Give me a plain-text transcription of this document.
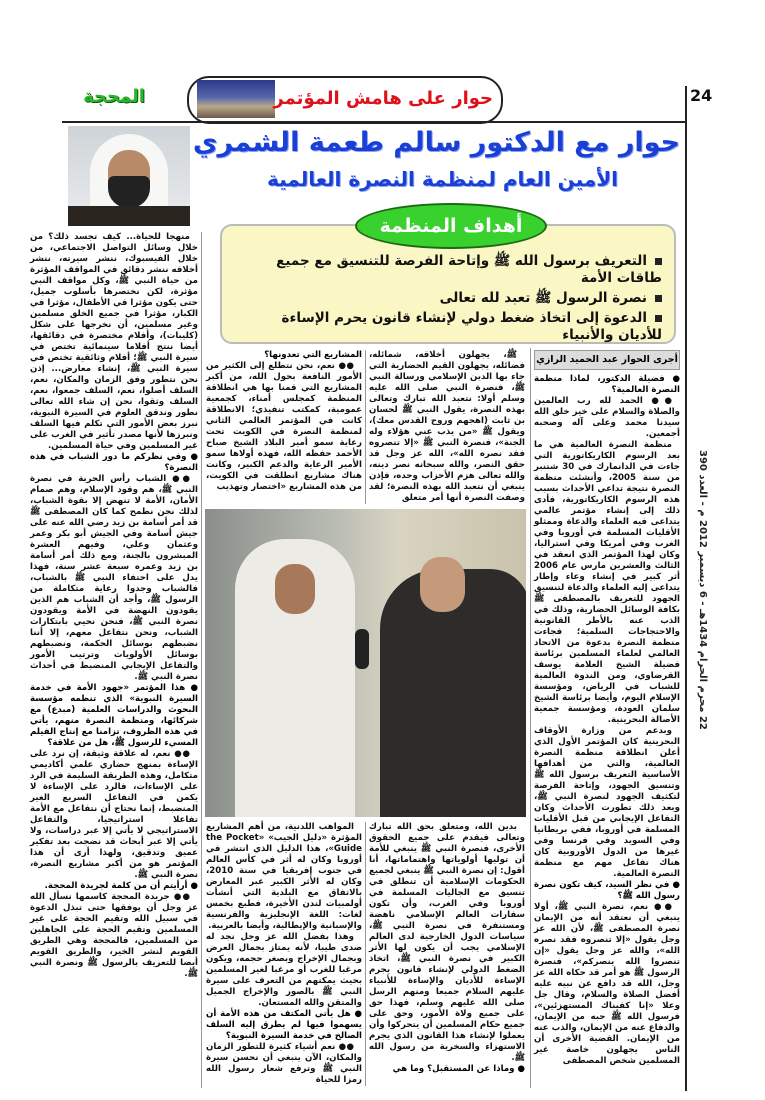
24
حوار على هامش المؤتمر
المحجة
22 محرم الحرام 1434هـ - 6 ديسمبر 2012 م - العدد 390
حوار مع الدكتور سالم طعمة الشمري
الأمين العام لمنظمة النصرة العالمية
التعريف برسول الله ﷺ وإتاحة الفرصة للتنسيق مع جميع طاقات الأمة
نصرة الرسول ﷺ تعبد لله تعالى
الدعوة إلى اتخاذ ضغط دولي لإنشاء قانون يحرم الإساءة للأديان والأنبياء
أهداف المنظمة
أجرى الحوار عبد الحميد الرازي

● فضيلة الدكتور، لماذا منظمة النصرة العالمية؟

●● الحمد لله رب العالمين والصلاة والسلام على خير خلق الله سيدنا محمد وعلى آله وصحبه أجمعين.

منظمة النصرة العالمية هي ما بعد الرسوم الكاريكاتورية التي جاءت في الدانمارك في 30 شتنبر من سنة 2005، وأنشئت منظمة النصرة نتيجة تداعي الأحداث بسبب هذه الرسوم الكاريكاتورية، فأدى ذلك إلى إنشاء مؤتمر عالمي يتداعى فيه العلماء والدعاة وممثلو الأقليات المسلمة في أوروبا وفي الغرب وفي أمريكا وفي استراليا، وكان لهذا المؤتمر الذي انعقد في الثالث والعشرين مارس عام 2006 أثر كبير في إنشاء وعاء وإطار يتداعى إليه العلماء والدعاة لتنسيق الجهود للتعريف بالمصطفى ﷺ بكافة الوسائل الحضارية، وذلك في الذب عنه بالأطر القانونية والاحتجاجات السلمية؛ فجاءت منظمة النصرة بدعوة من الاتحاد العالمي لعلماء المسلمين برئاسة فضيلة الشيخ العلامة يوسف القرضاوي، ومن الندوة العالمية للشباب في الرياض، ومؤسسة الإسلام اليوم، وأيضا برئاسة الشيخ سلمان العودة، ومؤسسة جمعية الأصالة البحرينية.

وبدعم من وزارة الأوقاف البحرينية كان المؤتمر الأول الذي أعلن انطلاقة منظمة النصرة العالمية، والتي من أهدافها الأساسية التعريف برسول الله ﷺ وتنسيق الجهود، وإتاحة الفرصة لتكثيف الجهود لنصرة النبي ﷺ، وبعد ذلك تطورت الأحداث وكان التفاعل الإيجابي من قبل الأقليات المسلمة في أوروبا، ففي بريطانيا وفي السويد وفي فرنسا وفي غيرها من الدول الأوروبية كان هناك تفاعل مهم مع منظمة النصرة العالمية.

● في نظر السيد، كيف تكون نصرة رسول الله ﷺ؟

●● نعم، نصرة النبي ﷺ، أولا ينبغي أن نعتقد أنه من الإيمان نصرة المصطفى ﷺ، لأن الله عز وجل يقول «إلا تنصروه فقد نصره الله»، والله عز وجل يقول «إن تنصروا الله ينصركم»، فنصرة الرسول ﷺ هو أمر قد حكاه الله عز وجل، الله قد دافع عن نبيه عليه أفضل الصلاة والسلام، وقال جل وعلا «إنا كفيناك المستهزئين»، فرسول الله ﷺ حبه من الإيمان، والدفاع عنه من الإيمان، والذب عنه من الإيمان. القضية الأخرى أن الناس يجهلون خاصة غير المسلمين شخص المصطفى

ﷺ، يجهلون أخلاقه، شمائله، فضائله، يجهلون القيم الحضارية التي جاء بها الدين الإسلامي ورسالة النبي ﷺ، فنصرة النبي صلى الله عليه وسلم أولا: نتعبد الله تبارك وتعالى بهذه النصرة، يقول النبي ﷺ لحسان بن ثابت (اهجهم وروح القدس معك)، ويقول ﷺ «من يذب عني هؤلاء وله الجنة»، فنصرة النبي ﷺ «إلا تنصروه فقد نصره الله»، الله عز وجل قد حقق النصر، والله سبحانه نصر دينه، والله تعالى هزم الأحزاب وحده، فإذن ينبغي أن نتعبد الله بهذه النصرة؛ لقد وصفت النصرة أنها أمر متعلق

المشاريع التي تعدونها؟

●● نعم، نحن نتطلع إلى الكثير من الأمور النافعة بحول الله، من أكبر المشاريع التي قمنا بها هي انطلاقة المنظمة كمجلس أمناء، كجمعية عمومية، كمكتب تنفيذي؛ الانطلاقة كانت في المؤتمر العالمي الثاني لمنظمة النصرة في الكويت تحت رعاية سمو أمير البلاد الشيخ صباح الأحمد حفظه الله، فهذه أولاها سمو الأمير الرعاية والدعم الكبير، وكانت هناك مشاريع انطلقت في الكويت، من هذه المشاريع «اختصار وتهذيب

بدين الله، ومتعلق بحق الله تبارك وتعالى فيقدم على جميع الحقوق الأخرى، فنصرة النبي ﷺ ينبغي للأمة أن توليها أولوياتها واهتماماتها، أنا أقول: إن نصرة النبي ﷺ ينبغي لجميع الحكومات الإسلامية أن تنطلق في تنسيق مع الجاليات المسلمة في أوروبا وفي الغرب، وأن تكون سفارات العالم الإسلامي ناهضة ومستنفرة في نصرة النبي ﷺ، سياسات الدول الخارجية لدى العالم الإسلامي يجب أن يكون لها الأثر الكبير في نصرة النبي ﷺ، اتخاذ الضغط الدولي لإنشاء قانون يجرم الإساءة للأديان والإساءة للأنبياء عليهم السلام جميعا ومنهم الرسل صلى الله عليهم وسلم، فهذا حق على جميع ولاة الأمور، وحق على جميع حكام المسلمين أن يتحركوا وأن يعملوا لإنشاء هذا القانون الذي يجرم الاستهزاء والسخرية من رسول الله ﷺ.

● وماذا عن المستقبل؟ وما هي

المواهب اللدنية، من أهم المشاريع المؤثرة «دليل الجيب» «the Pocket Guide»، هذا الدليل الذي انتشر في أوروبا وكان له أثر في كأس العالم في جنوب إفريقيا في سنة 2010، وكان له الأثر الكبير عبر المعارض بالاتفاق مع البلدية التي أنشأت أولمبيات لندن الأخيرة، فطبع بخمس لغات: اللغة الإنجليزية والفرنسية والإسبانية والإيطالية، وأيضا بالعربية.

وهذا بفضل الله عز وجل نجد له صدى طيبا، لأنه يمتاز بجمال العرض وبجمال الإخراج وبصغر حجمه، ويكون مرغبا للغرب أو مرغبا لغير المسلمين بحيث يمكنهم من التعرف على سيرة النبي ﷺ بالصور والإخراج الجميل والمتقن والله المستعان.

● هل يأتي المكتف من هذه الأمة أن يسهموا فيها لم يطرق إليه السلف الصالح في خدمة السيرة النبوية؟

●● نعم أشياء كثيرة للتطور الزمان والمكان، الآن ينبغي أن نحسن سيرة النبي ﷺ وترفع شعار رسول الله رمزا للحياة

منهجا للحياة... كيف تجسد ذلك؟ من خلال وسائل التواصل الاجتماعي، من خلال الفيسبوك، ننشر سيرته، ننشر أخلاقه ننشر دقائق في المواقف المؤثرة من حياة النبي ﷺ، وكل مواقف النبي مؤثرة، لكن نختصرها بأسلوب جميل، حتى يكون مؤثرا في الأطفال، مؤثرا في الكبار، مؤثرا في جميع الخلق مسلمين وغير مسلمين، أن نخرجها على شكل (كليبات)، وأفلام مختصرة في دقائقها، أيضا ننتج أفلاما سينمائية تختص في سيرة النبي ﷺ؛ أفلام وثائقية تختص في سيرة النبي ﷺ، إنشاء معارض... إذن نحن نتطور وفق الزمان والمكان، نعم، السلف أصلوا، نعم، السلف جمعوا، نعم، السلف وثقوا، نحن إن شاء الله تعالى نطور وندقق العلوم في السيرة النبوية، نبرز بعض الأمور التي تكلم فيها السلف ونبرزها لأنها مصدر تأثير في الغرب على غير المسلمين وفي حياة المسلمين.

● وفي نظركم ما دور الشباب في هذه النصرة؟

●● الشباب رأس الحربة في نصرة النبي ﷺ، هم وقود الإسلام، وهم صمام الأمان، الأمة لا تنهض إلا بقوة الشباب، لذلك نحن نطمح كما كان المصطفى ﷺ قد أمر أسامة بن زيد رضي الله عنه على جيش أسامة وفي الجيش أبو بكر وعمر وعثمان وعلي، وفيهم العشرة المبشرون بالجنة، ومع ذلك أمر أسامة بن زيد وعمره سبعة عشر سنة، فهذا يدل على احتفاء النبي ﷺ بالشباب، فالشباب وجدوا رعاية متكاملة من الرسول ﷺ، وأجد أن الشباب هم الذين يقودون النهضة في الأمة ويقودون نصرة النبي ﷺ، فنحن نحيي بابتكارات الشباب، ونحن نتفاعل معهم، إلا أننا نضبطهم بوسائل الحكمة، ونضبطهم بوسائل الأولويات وترتيب الأمور والتفاعل الإيجابي المنضبط في أحداث نصرة النبي ﷺ.

● هذا المؤتمر «جهود الأمة في خدمة السيرة النبوية» الذي تنظمه مؤسسة البحوث والدراسات العلمية (مبدع) مع شركائها، ومنظمة النصرة منهم، يأتي في هذه الظروف، تزامنا مع إنتاج الفيلم المسيء للرسول ﷺ، هل من علاقة؟

●● نعم، له علاقة وثيقة، إن نرد على الإساءة بمنهج حضاري علمي أكاديمي متكامل، وهذه الطريقة السليمة في الرد على الإساءات، فالرد على الإساءة لا يكمن في التفاعل السريع الغير المنضبط، إنما نحتاج أن نتفاعل مع الأمة تفاعلا استراتيجيا، والتفاعل الاستراتيجي لا يأتي إلا عبر دراسات، ولا يأتي إلا عبر أبحاث قد نضجت بعد تفكير عميق وتدقيق، ولهذا أرى أن هذا المؤتمر هو من أكبر مشاريع النصرة، نصرة النبي ﷺ.

● أرأيتم أن من كلمة لجريدة المحجة.

●● جريدة المحجة كاسمها نسأل الله عز وجل أن يوفقها حتى تبذل الدعوة في سبيل الله وتقيم الحجة على غير المسلمين وتقيم الحجة على الجاهلين من المسلمين، فالمحجة وهي الطريق القويم لنشر الخير، والطريق القويم أيضا للتعريف بالرسول ﷺ ونصرة النبي ﷺ.
